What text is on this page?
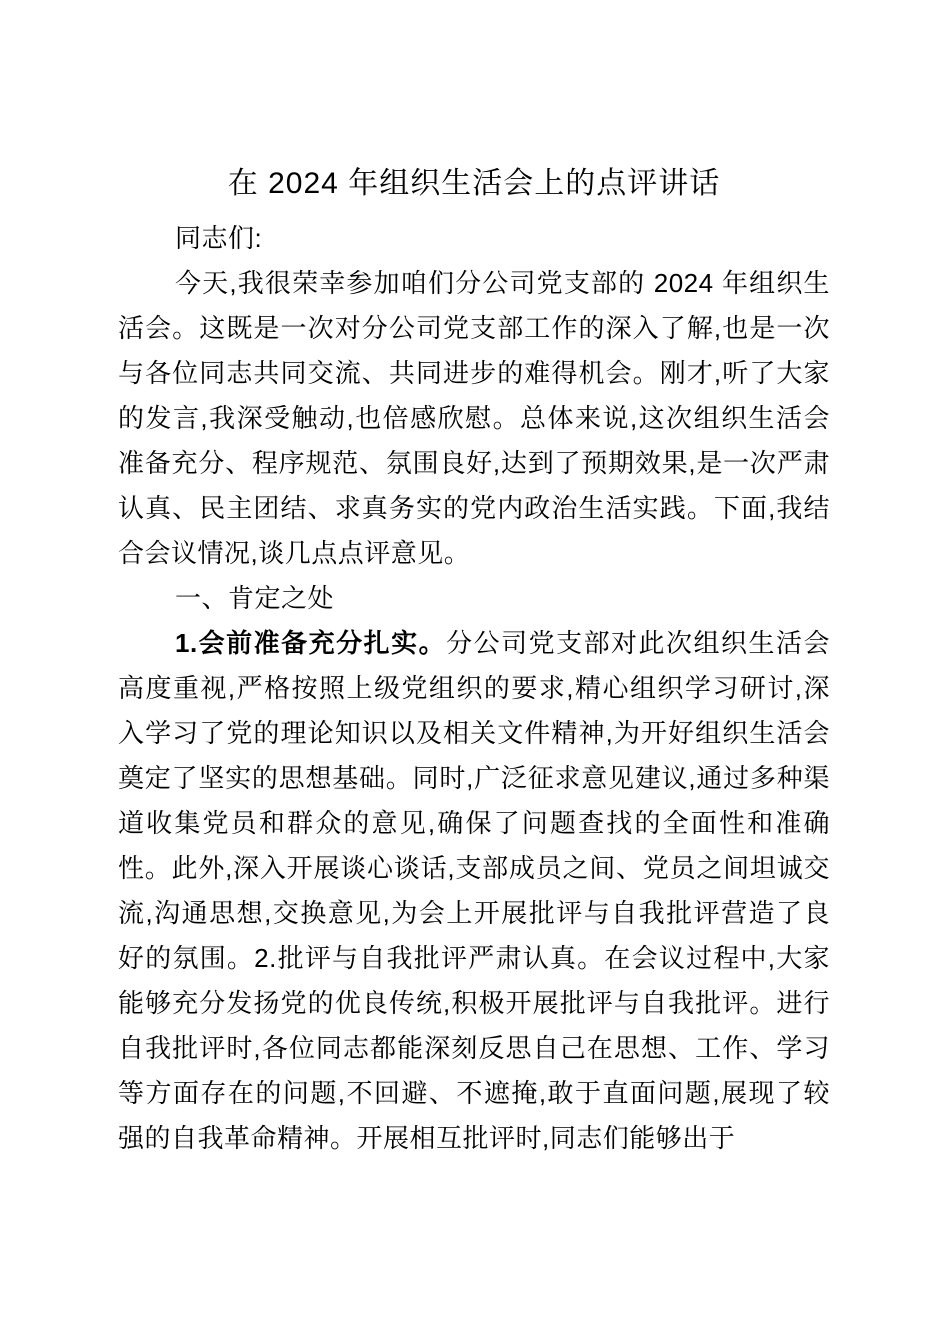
在 2024 年组织生活会上的点评讲话

同志们:

今天,我很荣幸参加咱们分公司党支部的 2024 年组织生活会。这既是一次对分公司党支部工作的深入了解,也是一次与各位同志共同交流、共同进步的难得机会。刚才,听了大家的发言,我深受触动,也倍感欣慰。总体来说,这次组织生活会准备充分、程序规范、氛围良好,达到了预期效果,是一次严肃认真、民主团结、求真务实的党内政治生活实践。下面,我结合会议情况,谈几点点评意见。

一、肯定之处

1.会前准备充分扎实。分公司党支部对此次组织生活会高度重视,严格按照上级党组织的要求,精心组织学习研讨,深入学习了党的理论知识以及相关文件精神,为开好组织生活会奠定了坚实的思想基础。同时,广泛征求意见建议,通过多种渠道收集党员和群众的意见,确保了问题查找的全面性和准确性。此外,深入开展谈心谈话,支部成员之间、党员之间坦诚交流,沟通思想,交换意见,为会上开展批评与自我批评营造了良好的氛围。2.批评与自我批评严肃认真。在会议过程中,大家能够充分发扬党的优良传统,积极开展批评与自我批评。进行自我批评时,各位同志都能深刻反思自己在思想、工作、学习等方面存在的问题,不回避、不遮掩,敢于直面问题,展现了较强的自我革命精神。开展相互批评时,同志们能够出于
